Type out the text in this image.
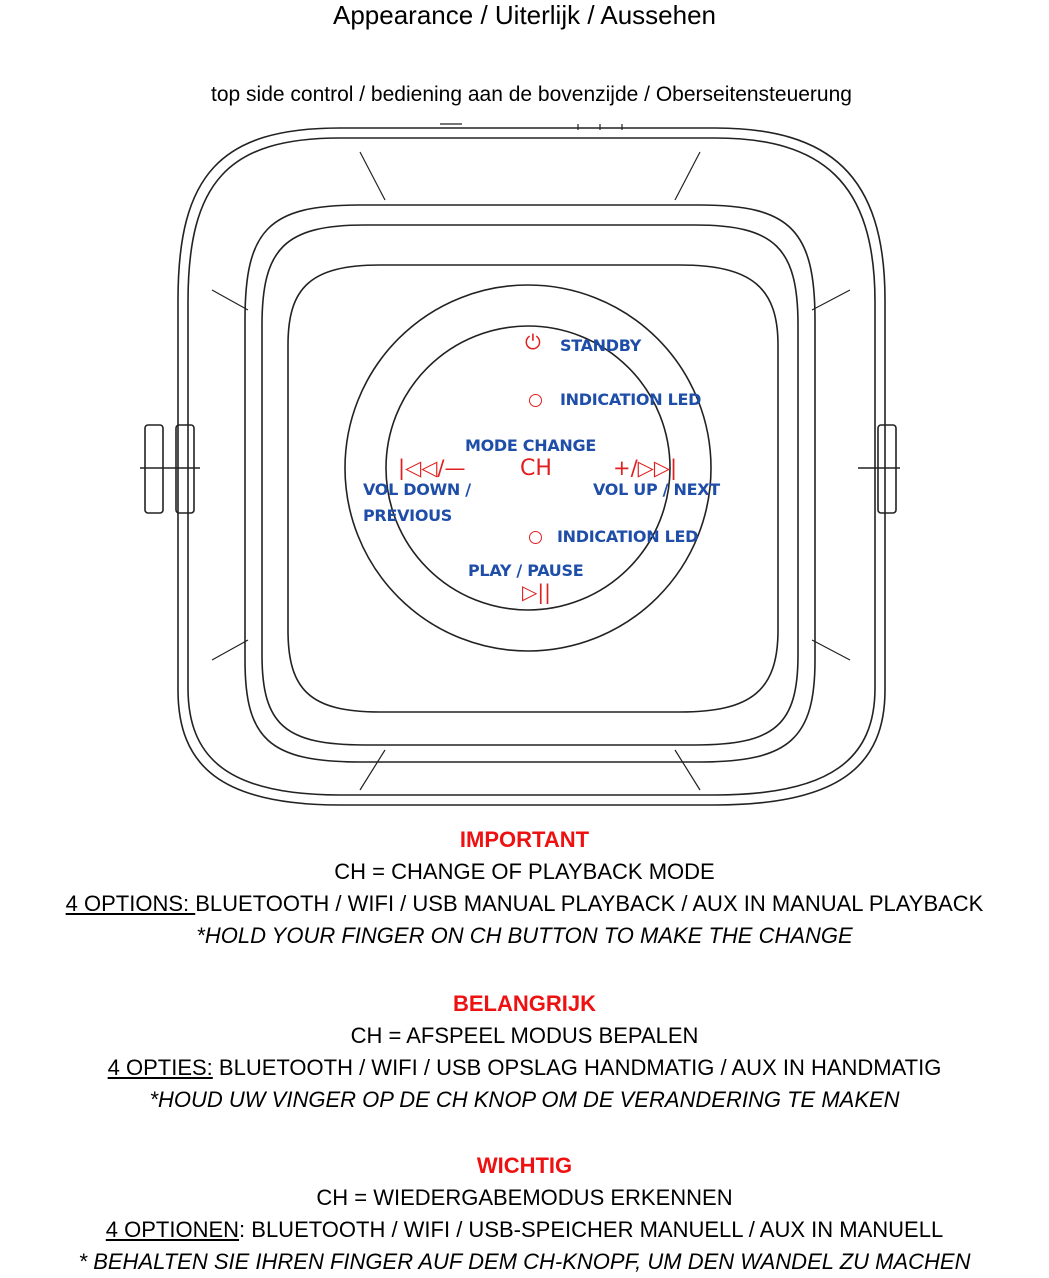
Appearance / Uiterlijk / Aussehen
top side control / bediening aan de bovenzijde / Oberseitensteuerung
⏻ STANDBY
INDICATION LED
MODE CHANGE
CH
|◁◁/—	+/▷▷|
VOL DOWN /
PREVIOUS
VOL UP / NEXT
INDICATION LED
PLAY / PAUSE
▷||
IMPORTANT
CH = CHANGE OF PLAYBACK MODE
4 OPTIONS: BLUETOOTH / WIFI / USB MANUAL PLAYBACK / AUX IN MANUAL PLAYBACK
*HOLD YOUR FINGER ON CH BUTTON TO MAKE THE CHANGE
BELANGRIJK
CH = AFSPEEL MODUS BEPALEN
4 OPTIES: BLUETOOTH / WIFI / USB OPSLAG HANDMATIG / AUX IN HANDMATIG
*HOUD UW VINGER OP DE CH KNOP OM DE VERANDERING TE MAKEN
WICHTIG
CH = WIEDERGABEMODUS ERKENNEN
4 OPTIONEN: BLUETOOTH / WIFI / USB-SPEICHER MANUELL / AUX IN MANUELL
* BEHALTEN SIE IHREN FINGER AUF DEM CH-KNOPF, UM DEN WANDEL ZU MACHEN
